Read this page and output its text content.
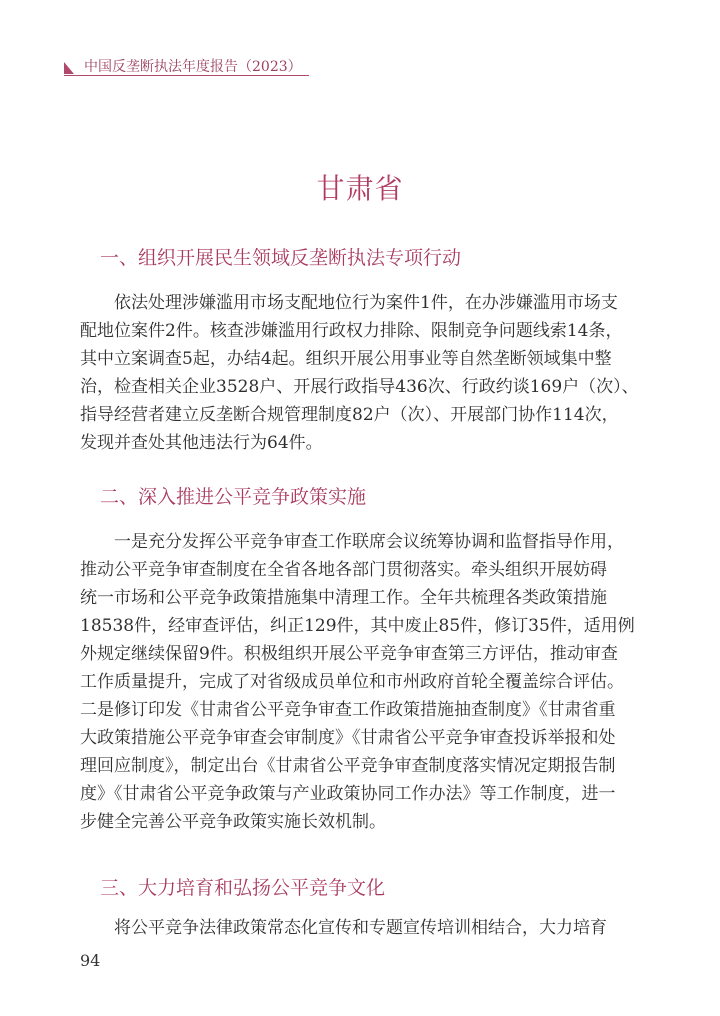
中国反垄断执法年度报告（2023）
甘肃省
一、组织开展民生领域反垄断执法专项行动
依法处理涉嫌滥用市场支配地位行为案件1件，在办涉嫌滥用市场支
配地位案件2件。核查涉嫌滥用行政权力排除、限制竞争问题线索14条，
其中立案调查5起，办结4起。组织开展公用事业等自然垄断领域集中整
治，检查相关企业3528户、开展行政指导436次、行政约谈169户（次）、
指导经营者建立反垄断合规管理制度82户（次）、开展部门协作114次，
发现并查处其他违法行为64件。
二、深入推进公平竞争政策实施
一是充分发挥公平竞争审查工作联席会议统筹协调和监督指导作用，
推动公平竞争审查制度在全省各地各部门贯彻落实。牵头组织开展妨碍
统一市场和公平竞争政策措施集中清理工作。全年共梳理各类政策措施
18538件，经审查评估，纠正129件，其中废止85件，修订35件，适用例
外规定继续保留9件。积极组织开展公平竞争审查第三方评估，推动审查
工作质量提升，完成了对省级成员单位和市州政府首轮全覆盖综合评估。
二是修订印发《甘肃省公平竞争审查工作政策措施抽查制度》《甘肃省重
大政策措施公平竞争审查会审制度》《甘肃省公平竞争审查投诉举报和处
理回应制度》，制定出台《甘肃省公平竞争审查制度落实情况定期报告制
度》《甘肃省公平竞争政策与产业政策协同工作办法》等工作制度，进一
步健全完善公平竞争政策实施长效机制。
三、大力培育和弘扬公平竞争文化
将公平竞争法律政策常态化宣传和专题宣传培训相结合，大力培育
94
